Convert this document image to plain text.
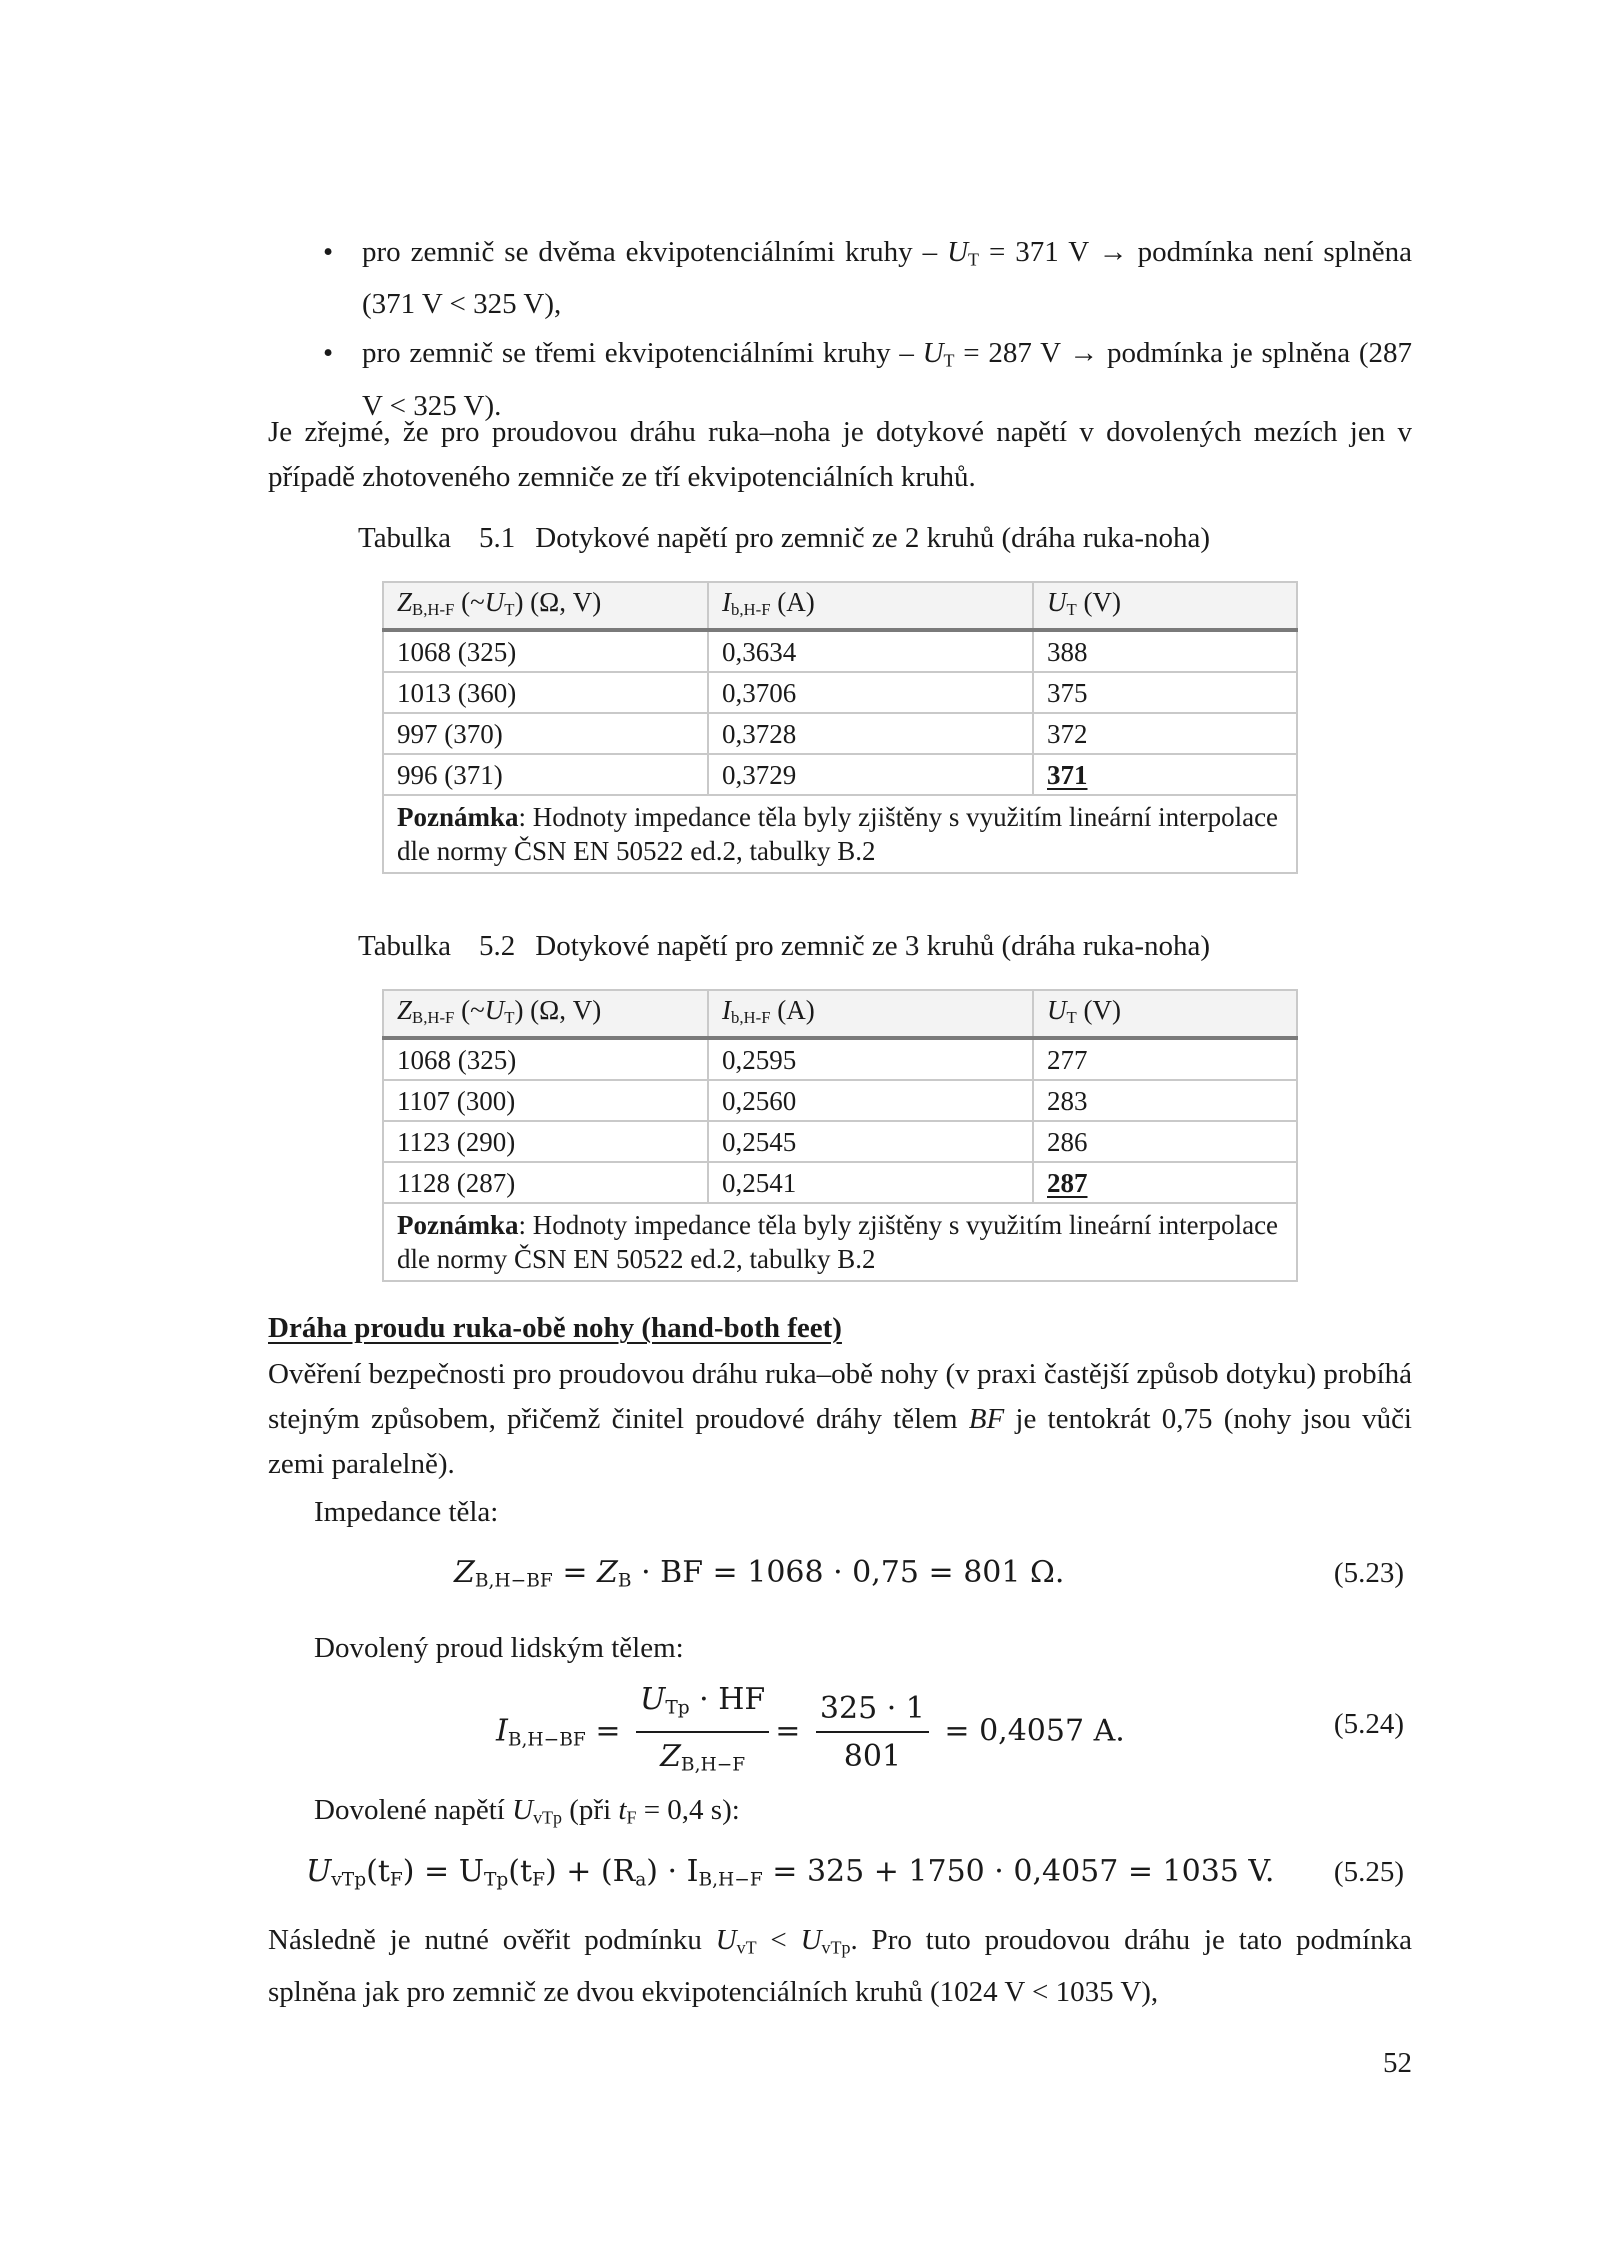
• pro zemnič se dvěma ekvipotenciálními kruhy – $U_T = 371$ V → podmínka není splněna (371 V < 325 V),
• pro zemnič se třemi ekvipotenciálními kruhy – $U_T = 287$ V → podmínka je splněna (287 V < 325 V).
Je zřejmé, že pro proudovou dráhu ruka–noha je dotykové napětí v dovolených mezích jen v případě zhotoveného zemniče ze tří ekvipotenciálních kruhů.
Tabulka 5.1 Dotykové napětí pro zemnič ze 2 kruhů (dráha ruka-noha)
$Z_{B,H-F}$ $(\sim U_T)$ (Ω, V)	$I_{b,H-F}$ (A)	$U_T$ (V)
1068 (325)	0,3634	388
1013 (360)	0,3706	375
997 (370)	0,3728	372
996 (371)	0,3729	371
Poznámka: Hodnoty impedance těla byly zjištěny s využitím lineární interpolace dle normy ČSN EN 50522 ed.2, tabulky B.2		
Tabulka 5.2 Dotykové napětí pro zemnič ze 3 kruhů (dráha ruka-noha)
$Z_{B,H-F}$ $(\sim U_T)$ (Ω, V)	$I_{b,H-F}$ (A)	$U_T$ (V)
1068 (325)	0,2595	277
1107 (300)	0,2560	283
1123 (290)	0,2545	286
1128 (287)	0,2541	287
Poznámka: Hodnoty impedance těla byly zjištěny s využitím lineární interpolace dle normy ČSN EN 50522 ed.2, tabulky B.2		
Dráha proudu ruka-obě nohy (hand-both feet)
Ověření bezpečnosti pro proudovou dráhu ruka–obě nohy (v praxi častější způsob dotyku) probíhá stejným způsobem, přičemž činitel proudové dráhy tělem BF je tentokrát 0,75 (nohy jsou vůči zemi paralelně).
Impedance těla:
$Z_{B,H-BF} = Z_B$ · BF = 1068 · 0,75 = 801 Ω.	(5.23)
Dovolený proud lidským tělem:
$I_{B,H-BF} = \frac{U_{Tp} \cdot HF}{Z_{B,H-F}} = \frac{325 \cdot 1}{801} = 0,4057$ A.	(5.24)
Dovolené napětí $U_{vTp}$ (při $t_F = 0,4$ s):
$U_{vTp}(t_F) = U_{Tp}(t_F) + (R_a) \cdot I_{B,H-F} = 325 + 1750 \cdot 0,4057 = 1035$ V. (5.25)
Následně je nutné ověřit podmínku $U_{vT} < U_{vTp}$. Pro tuto proudovou dráhu je tato podmínka splněna jak pro zemnič ze dvou ekvipotenciálních kruhů (1024 V < 1035 V),
52
